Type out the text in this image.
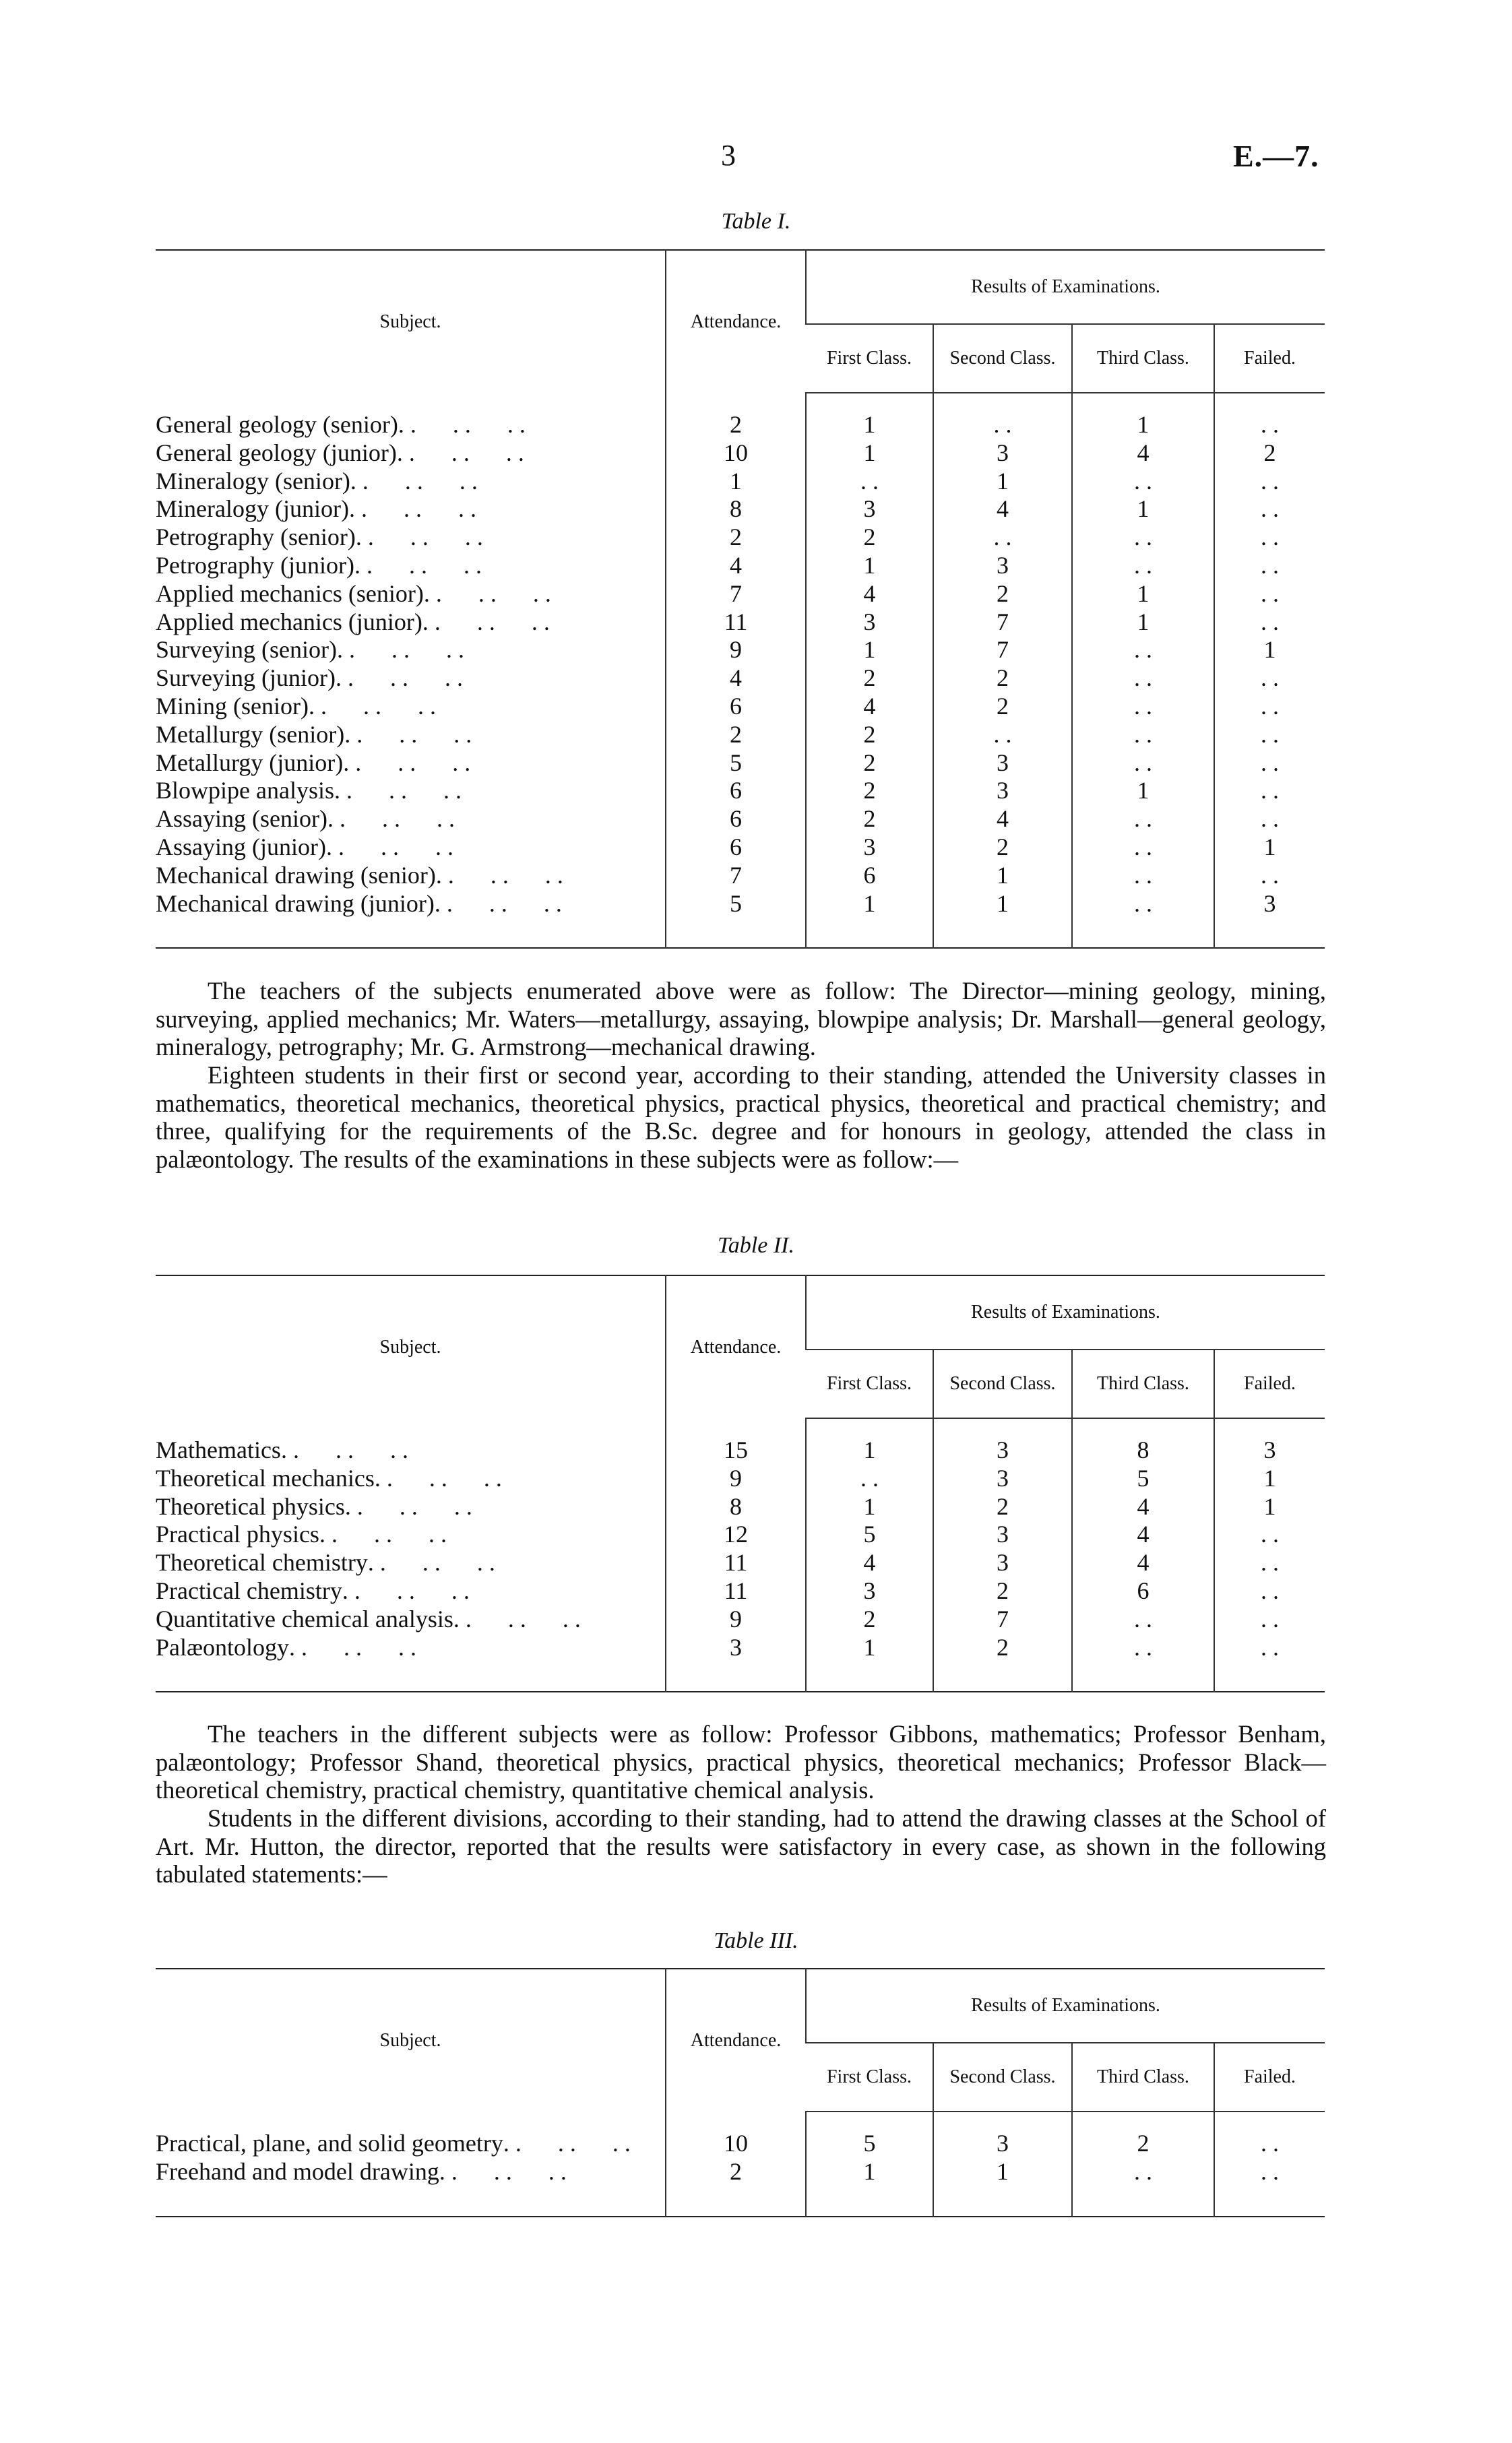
3	E.—7.
Table I.
Subject.	Attendance.	Results of Examinations.			
		First Class.	Second Class.	Third Class.	Failed.

General geology (senior) . .      . .      . .	2	1	. .	1	. .

General geology (junior) . .      . .      . .	10	1	3	4	2

Mineralogy (senior) . .      . .      . .	1	. .	1	. .	. .

Mineralogy (junior) . .      . .      . .	8	3	4	1	. .

Petrography (senior) . .      . .      . .	2	2	. .	. .	. .

Petrography (junior) . .      . .      . .	4	1	3	. .	. .

Applied mechanics (senior) . .      . .      . .	7	4	2	1	. .

Applied mechanics (junior) . .      . .      . .	11	3	7	1	. .

Surveying (senior) . .      . .      . .	9	1	7	. .	1

Surveying (junior) . .      . .      . .	4	2	2	. .	. .

Mining (senior) . .      . .      . .	6	4	2	. .	. .

Metallurgy (senior) . .      . .      . .	2	2	. .	. .	. .

Metallurgy (junior) . .      . .      . .	5	2	3	. .	. .

Blowpipe analysis . .      . .      . .	6	2	3	1	. .

Assaying (senior) . .      . .      . .	6	2	4	. .	. .

Assaying (junior) . .      . .      . .	6	3	2	. .	1

Mechanical drawing (senior) . .      . .      . .	7	6	1	. .	. .

Mechanical drawing (junior) . .      . .      . .	5	1	1	. .	3

The teachers of the subjects enumerated above were as follow: The Director—mining geology, mining, surveying, applied mechanics; Mr. Waters—metallurgy, assaying, blowpipe analysis; Dr. Marshall—general geology, mineralogy, petrography; Mr. G. Armstrong—mechanical drawing.

Eighteen students in their first or second year, according to their standing, attended the University classes in mathematics, theoretical mechanics, theoretical physics, practical physics, theoretical and practical chemistry; and three, qualifying for the requirements of the B.Sc. degree and for honours in geology, attended the class in palæontology. The results of the examinations in these subjects were as follow:—

Table II.
Subject.	Attendance.	Results of Examinations.			
		First Class.	Second Class.	Third Class.	Failed.

Mathematics . .      . .      . .	15	1	3	8	3

Theoretical mechanics . .      . .      . .	9	. .	3	5	1

Theoretical physics . .      . .      . .	8	1	2	4	1

Practical physics . .      . .      . .	12	5	3	4	. .

Theoretical chemistry . .      . .      . .	11	4	3	4	. .

Practical chemistry . .      . .      . .	11	3	2	6	. .

Quantitative chemical analysis . .      . .      . .	9	2	7	. .	. .

Palæontology . .      . .      . .	3	1	2	. .	. .

The teachers in the different subjects were as follow: Professor Gibbons, mathematics; Professor Benham, palæontology; Professor Shand, theoretical physics, practical physics, theoretical mechanics; Professor Black—theoretical chemistry, practical chemistry, quantitative chemical analysis.

Students in the different divisions, according to their standing, had to attend the drawing classes at the School of Art. Mr. Hutton, the director, reported that the results were satisfactory in every case, as shown in the following tabulated statements:—

Table III.
Subject.	Attendance.	Results of Examinations.			
		First Class.	Second Class.	Third Class.	Failed.

Practical, plane, and solid geometry . .      . .      . .	10	5	3	2	. .

Freehand and model drawing . .      . .      . .	2	1	1	. .	. .
